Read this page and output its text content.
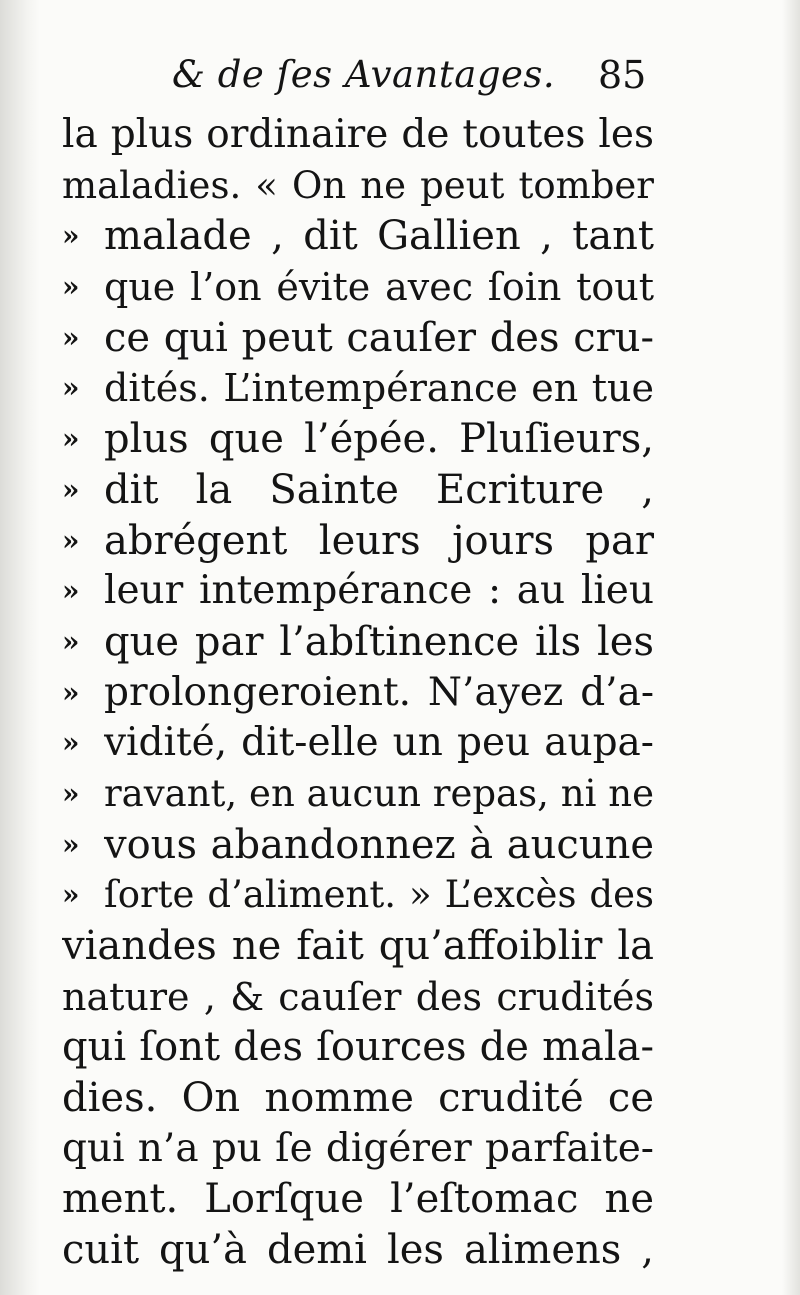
& de ſes Avantages. 85
la plus ordinaire de toutes les
maladies. « On ne peut tomber
» malade , dit Gallien , tant
» que l’on évite avec ſoin tout
» ce qui peut cauſer des cru-
» dités. L’intempérance en tue
» plus que l’épée. Pluſieurs,
» dit la Sainte Ecriture ,
» abrégent leurs jours par
» leur intempérance : au lieu
» que par l’abſtinence ils les
» prolongeroient. N’ayez d’a-
» vidité, dit-elle un peu aupa-
» ravant, en aucun repas, ni ne
» vous abandonnez à aucune
» ſorte d’aliment. » L’excès des
viandes ne fait qu’affoiblir la
nature , & cauſer des crudités
qui ſont des ſources de mala-
dies. On nomme crudité ce
qui n’a pu ſe digérer parfaite-
ment. Lorſque l’eſtomac ne
cuit qu’à demi les alimens ,
